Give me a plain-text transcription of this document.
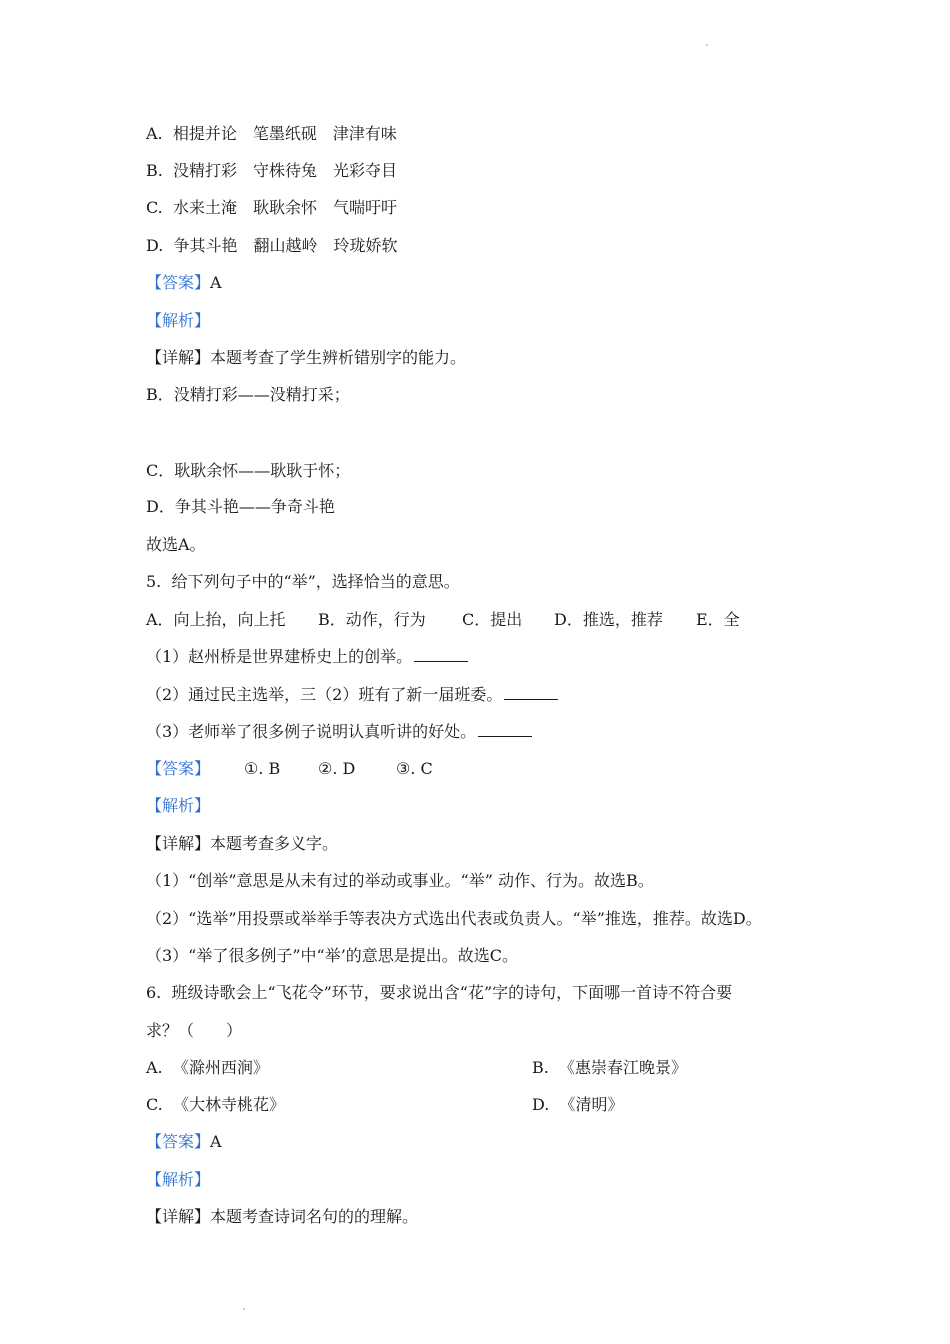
A. 相提并论　笔墨纸砚　津津有味
B. 没精打彩　守株待兔　光彩夺目
C. 水来土淹　耿耿余怀　气喘吁吁
D. 争其斗艳　翻山越岭　玲珑娇软
【答案】A
【解析】
【详解】本题考查了学生辨析错别字的能力。
B．没精打彩——没精打采；
C．耿耿余怀——耿耿于怀；
D．争其斗艳——争奇斗艳
故选A。
5.  给下列句子中的“举”，选择恰当的意思。
A．向上抬，向上托 B．动作，行为 C．提出 D．推选，推荐 E．全
（1）赵州桥是世界建桥史上的创举。
（2）通过民主选举，三（2）班有了新一届班委。
（3）老师举了很多例子说明认真听讲的好处。
【答案】 ①. B ②. D	③. C
【解析】
【详解】本题考查多义字。
（1）“创举”意思是从未有过的举动或事业。“举” 动作、行为。故选B。
（2）“选举”用投票或举举手等表决方式选出代表或负责人。“举”推选，推荐。故选D。
（3）“举了很多例子”中“举’的意思是提出。故选C。
6.  班级诗歌会上“飞花令”环节，要求说出含“花”字的诗句，下面哪一首诗不符合要
求？（　　）
A. 《滁州西涧》	B. 《惠崇春江晚景》
C. 《大林寺桃花》	D. 《清明》
【答案】A
【解析】
【详解】本题考查诗词名句的的理解。
